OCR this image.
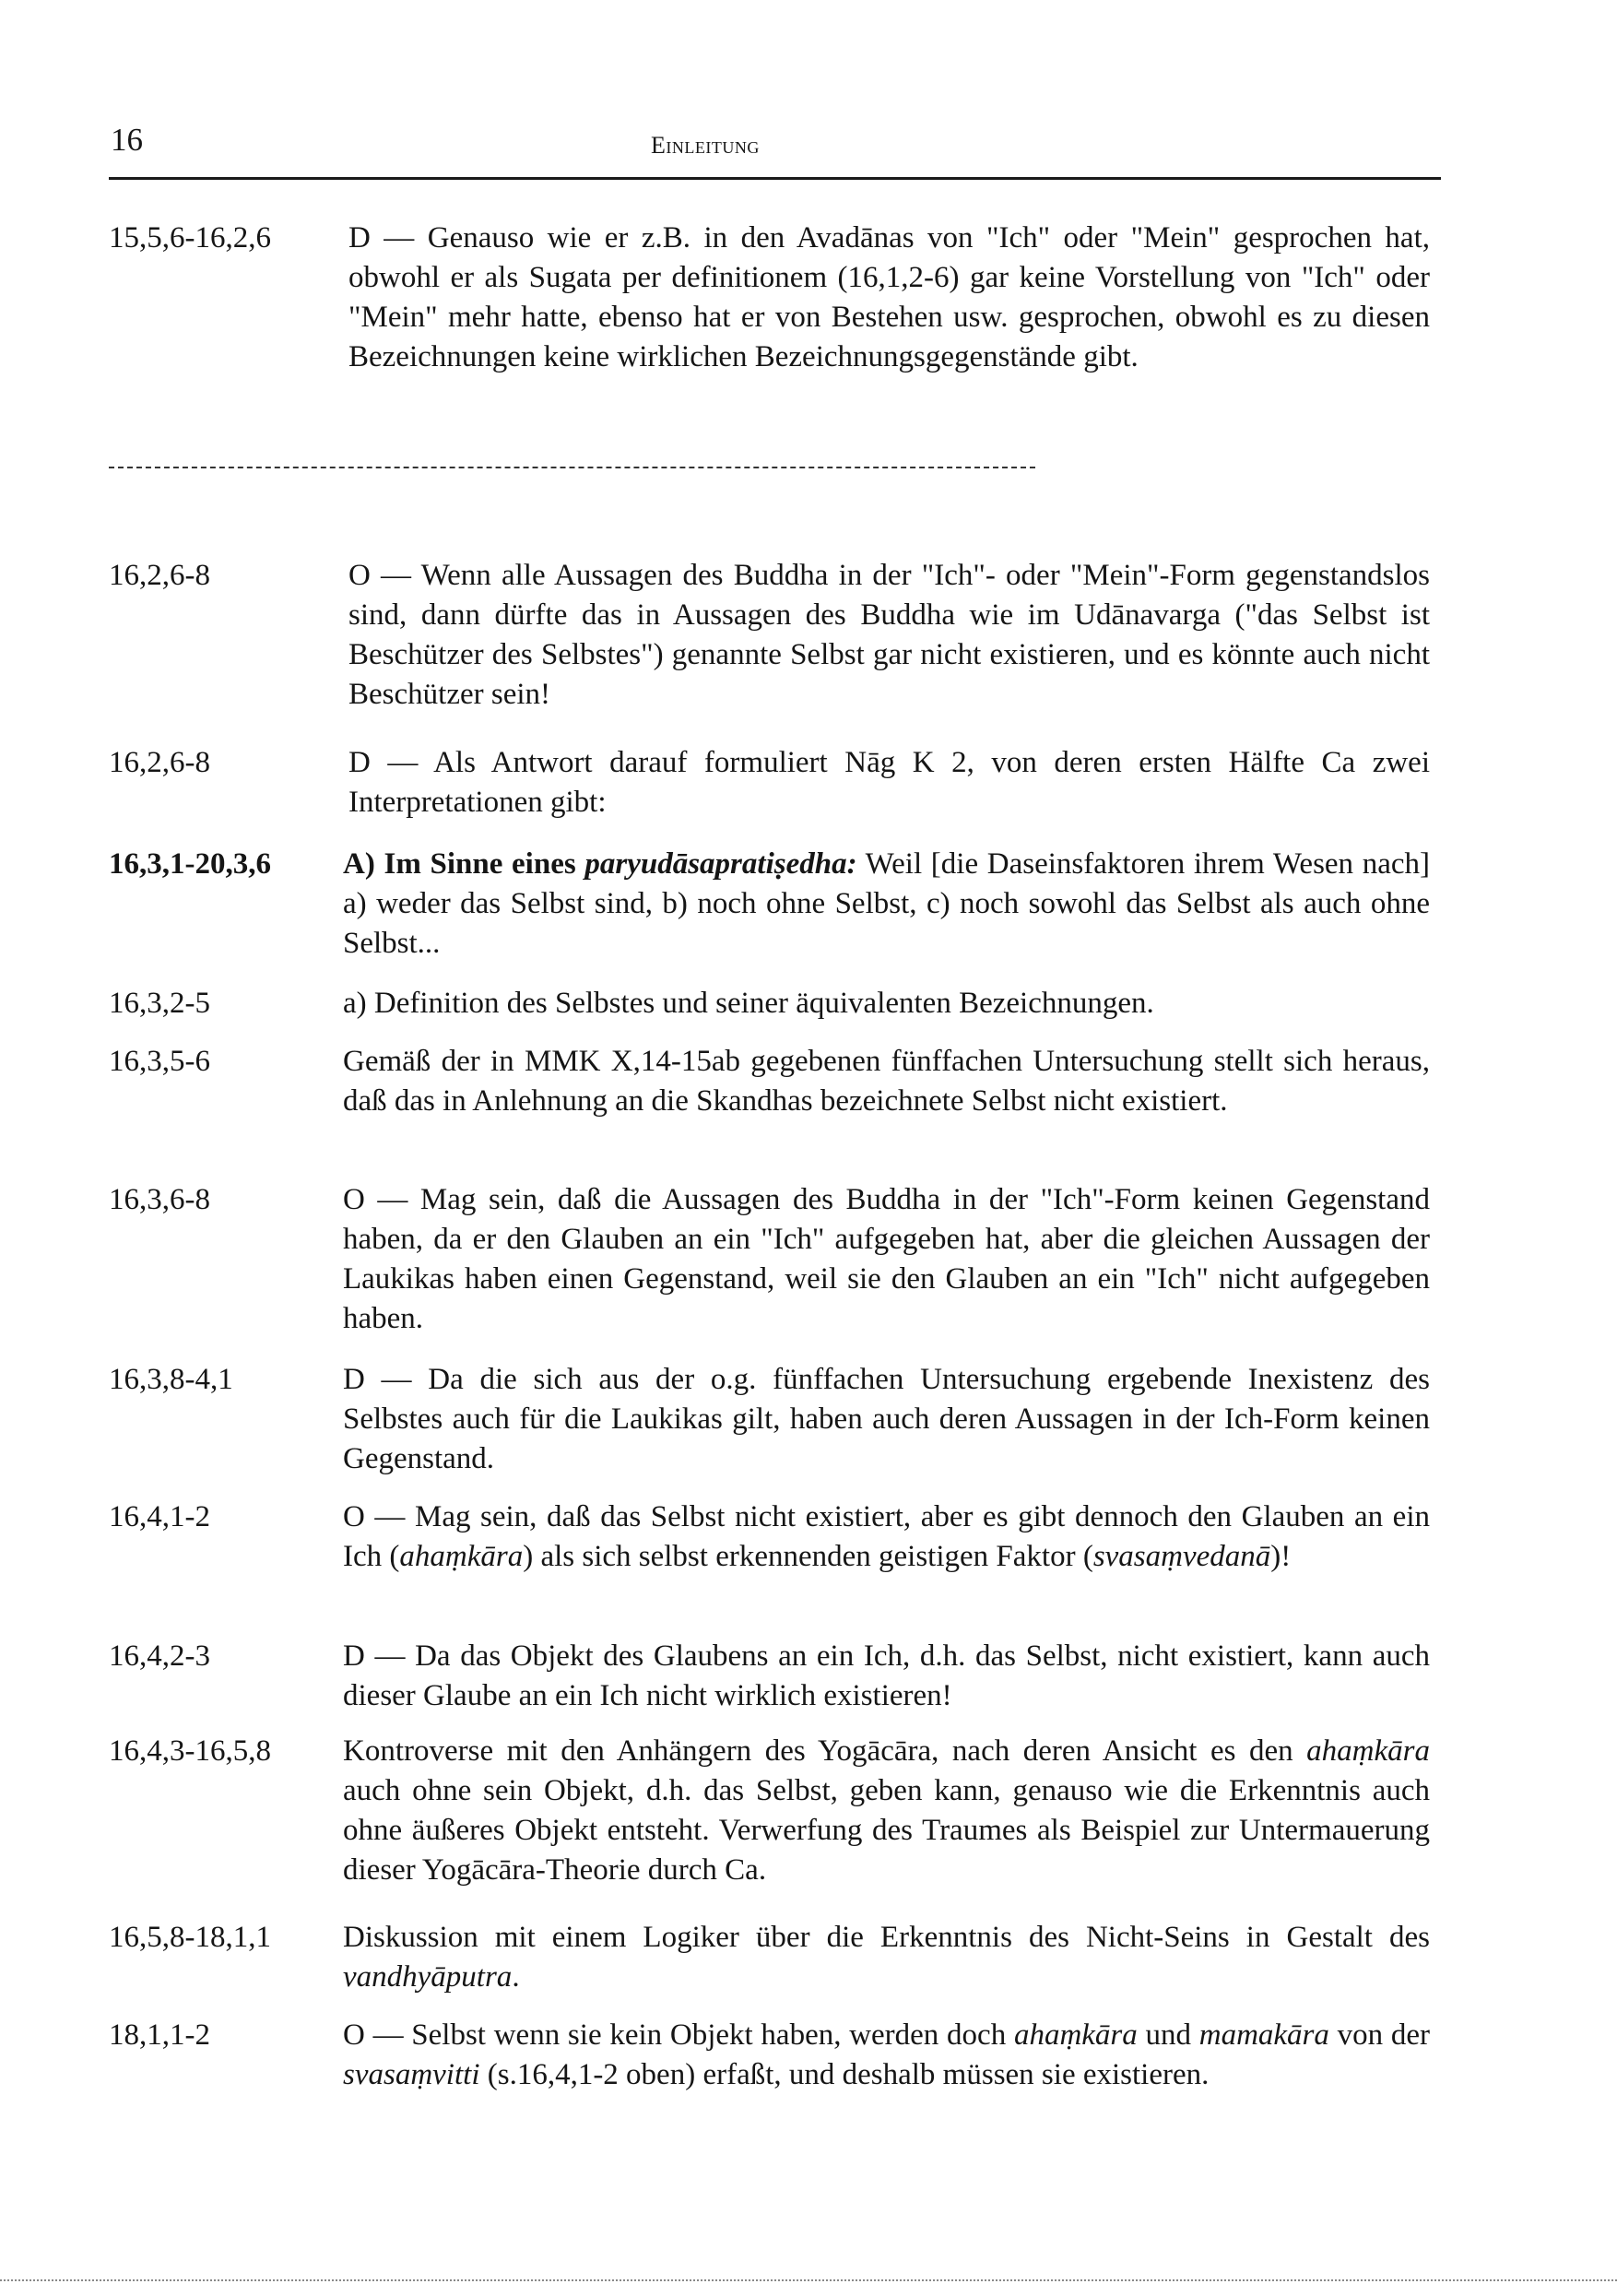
16	Einleitung
15,5,6-16,2,6	D — Genauso wie er z.B. in den Avadānas von "Ich" oder "Mein" gesprochen hat, obwohl er als Sugata per definitionem (16,1,2-6) gar keine Vorstellung von "Ich" oder "Mein" mehr hatte, ebenso hat er von Bestehen usw. gesprochen, obwohl es zu diesen Bezeichnungen keine wirklichen Bezeichnungsgegenstände gibt.
16,2,6-8	O — Wenn alle Aussagen des Buddha in der "Ich"- oder "Mein"-Form gegenstandslos sind, dann dürfte das in Aussagen des Buddha wie im Udānavarga ("das Selbst ist Beschützer des Selbstes") genannte Selbst gar nicht existieren, und es könnte auch nicht Beschützer sein!
16,2,6-8	D — Als Antwort darauf formuliert Nāg K 2, von deren ersten Hälfte Ca zwei Interpretationen gibt:
16,3,1-20,3,6 A) Im Sinne eines paryudāsapratiṣedha: Weil [die Daseinsfaktoren ihrem Wesen nach] a) weder das Selbst sind, b) noch ohne Selbst, c) noch sowohl das Selbst als auch ohne Selbst...
16,3,2-5	a) Definition des Selbstes und seiner äquivalenten Bezeichnungen.
16,3,5-6	Gemäß der in MMK X,14-15ab gegebenen fünffachen Untersuchung stellt sich heraus, daß das in Anlehnung an die Skandhas bezeichnete Selbst nicht existiert.
16,3,6-8	O — Mag sein, daß die Aussagen des Buddha in der "Ich"-Form keinen Gegenstand haben, da er den Glauben an ein "Ich" aufgegeben hat, aber die gleichen Aussagen der Laukikas haben einen Gegenstand, weil sie den Glauben an ein "Ich" nicht aufgegeben haben.
16,3,8-4,1	D — Da die sich aus der o.g. fünffachen Untersuchung ergebende Inexistenz des Selbstes auch für die Laukikas gilt, haben auch deren Aussagen in der Ich-Form keinen Gegenstand.
16,4,1-2	O — Mag sein, daß das Selbst nicht existiert, aber es gibt dennoch den Glauben an ein Ich (ahaṃkāra) als sich selbst erkennenden geistigen Faktor (svasaṃvedanā)!
16,4,2-3	D — Da das Objekt des Glaubens an ein Ich, d.h. das Selbst, nicht existiert, kann auch dieser Glaube an ein Ich nicht wirklich existieren!
16,4,3-16,5,8 Kontroverse mit den Anhängern des Yogācāra, nach deren Ansicht es den ahaṃkāra auch ohne sein Objekt, d.h. das Selbst, geben kann, genauso wie die Erkenntnis auch ohne äußeres Objekt entsteht. Verwerfung des Traumes als Beispiel zur Untermauerung dieser Yogācāra-Theorie durch Ca.
16,5,8-18,1,1 Diskussion mit einem Logiker über die Erkenntnis des Nicht-Seins in Gestalt des vandhyāputra.
18,1,1-2	O — Selbst wenn sie kein Objekt haben, werden doch ahaṃkāra und mamakāra von der svasaṃvitti (s.16,4,1-2 oben) erfaßt, und deshalb müssen sie existieren.
